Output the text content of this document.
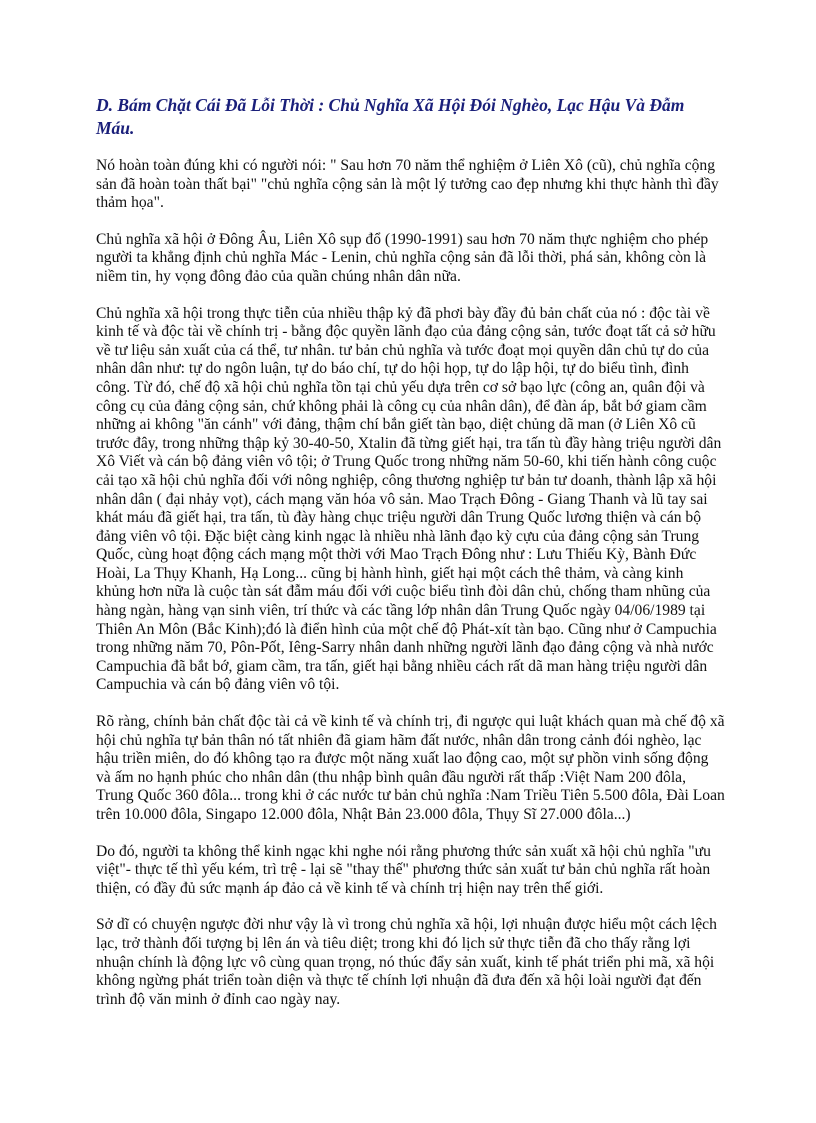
D. Bám Chặt Cái Đã Lỗi Thời : Chủ Nghĩa Xã Hội Đói Nghèo, Lạc Hậu Và Đẫm Máu.

Nó hoàn toàn đúng khi có người nói: " Sau hơn 70 năm thể nghiệm ở Liên Xô (cũ), chủ nghĩa cộng sản đã hoàn toàn thất bại" "chủ nghĩa cộng sản là một lý tưởng cao đẹp nhưng khi thực hành thì đầy thảm họa".

Chủ nghĩa xã hội ở Đông Âu, Liên Xô sụp đổ (1990-1991) sau hơn 70 năm thực nghiệm cho phép người ta khẳng định chủ nghĩa Mác - Lenin, chủ nghĩa cộng sản đã lỗi thời, phá sản, không còn là niềm tin, hy vọng đông đảo của quần chúng nhân dân nữa.

Chủ nghĩa xã hội trong thực tiễn của nhiều thập kỷ đã phơi bày đầy đủ bản chất của nó : độc tài về kinh tế và độc tài về chính trị - bằng độc quyền lãnh đạo của đảng cộng sản, tước đoạt tất cả sở hữu về tư liệu sản xuất của cá thể, tư nhân. tư bản chủ nghĩa và tước đoạt mọi quyền dân chủ tự do của nhân dân như: tự do ngôn luận, tự do báo chí, tự do hội họp, tự do lập hội, tự do biểu tình, đình công. Từ đó, chế độ xã hội chủ nghĩa tồn tại chủ yếu dựa trên cơ sở bạo lực (công an, quân đội và công cụ của đảng cộng sản, chứ không phải là công cụ của nhân dân), để đàn áp, bắt bớ giam cầm những ai không "ăn cánh" với đảng, thậm chí bắn giết tàn bạo, diệt chủng dã man (ở Liên Xô cũ trước đây, trong những thập kỷ 30-40-50, Xtalin đã từng giết hại, tra tấn tù đầy hàng triệu người dân Xô Viết và cán bộ đảng viên vô tội; ở Trung Quốc trong những năm 50-60, khi tiến hành công cuộc cải tạo xã hội chủ nghĩa đối với nông nghiệp, công thương nghiệp tư bản tư doanh, thành lập xã hội nhân dân ( đại nhảy vọt), cách mạng văn hóa vô sản. Mao Trạch Đông - Giang Thanh và lũ tay sai khát máu đã giết hại, tra tấn, tù đày hàng chục triệu người dân Trung Quốc lương thiện và cán bộ đảng viên vô tội. Đặc biệt càng kinh ngạc là nhiều nhà lãnh đạo kỳ cựu của đảng cộng sản Trung Quốc, cùng hoạt động cách mạng một thời với Mao Trạch Đông như : Lưu Thiếu Kỳ, Bành Đức Hoài, La Thụy Khanh, Hạ Long... cũng bị hành hình, giết hại một cách thê thảm, và càng kinh khủng hơn nữa là cuộc tàn sát đẫm máu đối với cuộc biểu tình đòi dân chủ, chống tham nhũng của hàng ngàn, hàng vạn sinh viên, trí thức và các tầng lớp nhân dân Trung Quốc ngày 04/06/1989 tại Thiên An Môn (Bắc Kinh);đó là điển hình của một chế độ Phát-xít tàn bạo. Cũng như ở Campuchia trong những năm 70, Pôn-Pốt, Iêng-Sarry nhân danh những người lãnh đạo đảng cộng và nhà nước Campuchia đã bắt bớ, giam cầm, tra tấn, giết hại bằng nhiều cách rất dã man hàng triệu người dân Campuchia và cán bộ đảng viên vô tội.

Rõ ràng, chính bản chất độc tài cả về kinh tế và chính trị, đi ngược qui luật khách quan mà chế độ xã hội chủ nghĩa tự bản thân nó tất nhiên đã giam hãm đất nước, nhân dân trong cảnh đói nghèo, lạc hậu triền miên, do đó không tạo ra được một năng xuất lao động cao, một sự phồn vinh sống động và ấm no hạnh phúc cho nhân dân (thu nhập bình quân đầu người rất thấp :Việt Nam 200 đôla, Trung Quốc 360 đôla... trong khi ở các nước tư bản chủ nghĩa :Nam Triều Tiên 5.500 đôla, Đài Loan trên 10.000 đôla, Singapo 12.000 đôla, Nhật Bản 23.000 đôla, Thụy Sĩ 27.000 đôla...)

Do đó, người ta không thể kinh ngạc khi nghe nói rằng phương thức sản xuất xã hội chủ nghĩa "ưu việt"- thực tế thì yếu kém, trì trệ - lại sẽ "thay thế" phương thức sản xuất tư bản chủ nghĩa rất hoàn thiện, có đầy đủ sức mạnh áp đảo cả về kinh tế và chính trị hiện nay trên thế giới.

Sở dĩ có chuyện ngược đời như vậy là vì trong chủ nghĩa xã hội, lợi nhuận được hiểu một cách lệch lạc, trở thành đối tượng bị lên án và tiêu diệt; trong khi đó lịch sử thực tiễn đã cho thấy rằng lợi nhuận chính là động lực vô cùng quan trọng, nó thúc đẩy sản xuất, kinh tế phát triển phi mã, xã hội không ngừng phát triển toàn diện và thực tế chính lợi nhuận đã đưa đến xã hội loài người đạt đến trình độ văn minh ở đỉnh cao ngày nay.
